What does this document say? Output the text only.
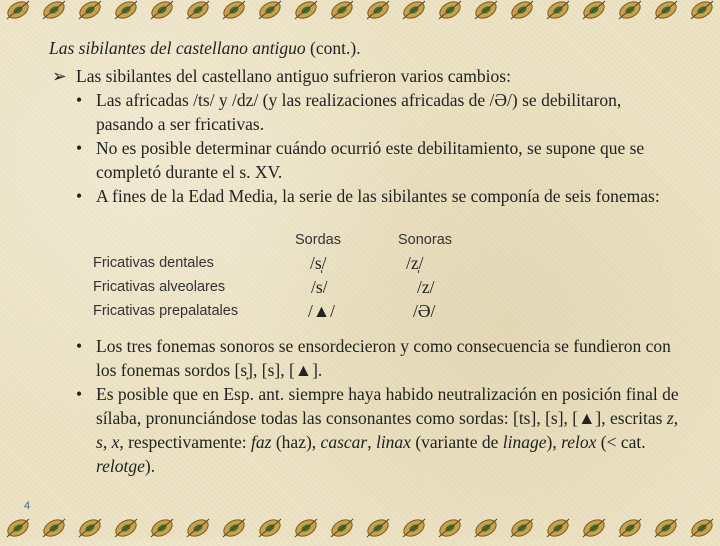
Las sibilantes del castellano antiguo (cont.).
➢ Las sibilantes del castellano antiguo sufrieron varios cambios:
• Las africadas /ts/ y /dz/ (y las realizaciones africadas de /Ə/) se debilitaron, pasando a ser fricativas.
• No es posible determinar cuándo ocurrió este debilitamiento, se supone que se completó durante el s. XV.
• A fines de la Edad Media, la serie de las sibilantes se componía de seis fonemas:
Sordas	Sonoras
Fricativas dentales	/s̩/	/z̩/
Fricativas alveolares	/s/	/z/
Fricativas prepalatales	/▲/	/Ə/
• Los tres fonemas sonoros se ensordecieron y como consecuencia se fundieron con los fonemas sordos [s̩], [s], [▲].
• Es posible que en Esp. ant. siempre haya habido neutralización en posición final de sílaba, pronunciándose todas las consonantes como sordas: [ts], [s], [▲], escritas z, s, x, respectivamente: faz (haz), cascar, linax (variante de linage), relox (< cat. relotge).
4
